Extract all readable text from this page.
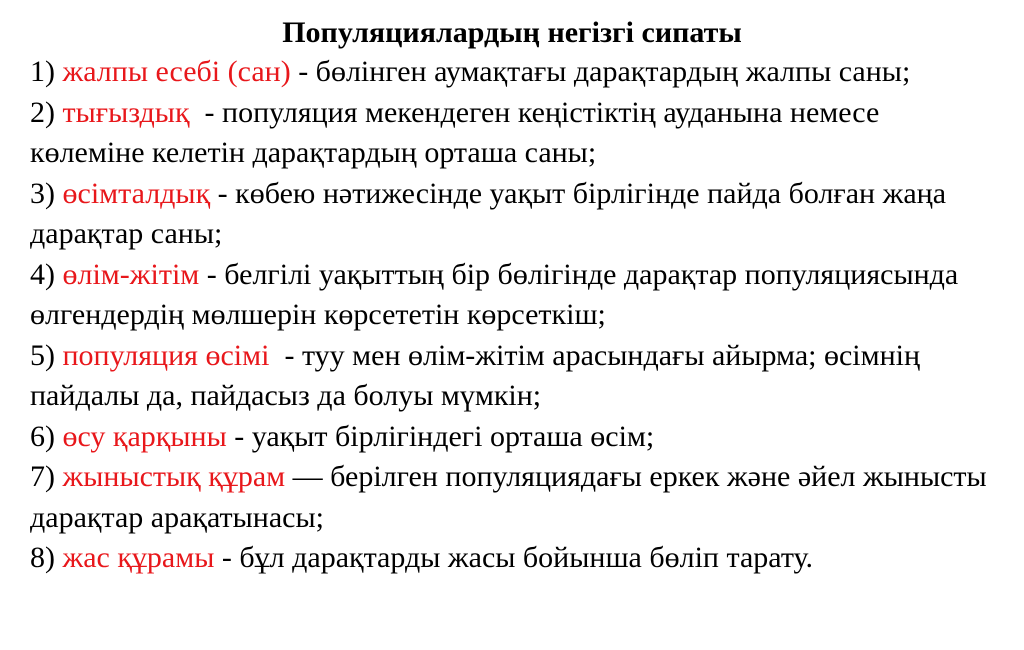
Популяциялардың негізгі сипаты

1) жалпы есебі (сан) - бөлінген аумақтағы дарақтардың жалпы саны;

2) тығыздық  - популяция мекендеген кеңістіктің ауданына немесе көлеміне келетін дарақтардың орташа саны;

3) өсімталдық - көбею нәтижесінде уақыт бірлігінде пайда болған жаңа дарақтар саны;

4) өлім-жітім - белгілі уақыттың бір бөлігінде дарақтар популяциясында өлгендердің мөлшерін көрсететін көрсеткіш;

5) популяция өсімі  - туу мен өлім-жітім арасындағы айырма; өсімнің пайдалы да, пайдасыз да болуы мүмкін;

6) өсу қарқыны - уақыт бірлігіндегі орташа өсім;

7) жыныстық құрам — берілген популяциядағы еркек және әйел жынысты дарақтар арақатынасы;

8) жас құрамы - бұл дарақтарды жасы бойынша бөліп тарату.
